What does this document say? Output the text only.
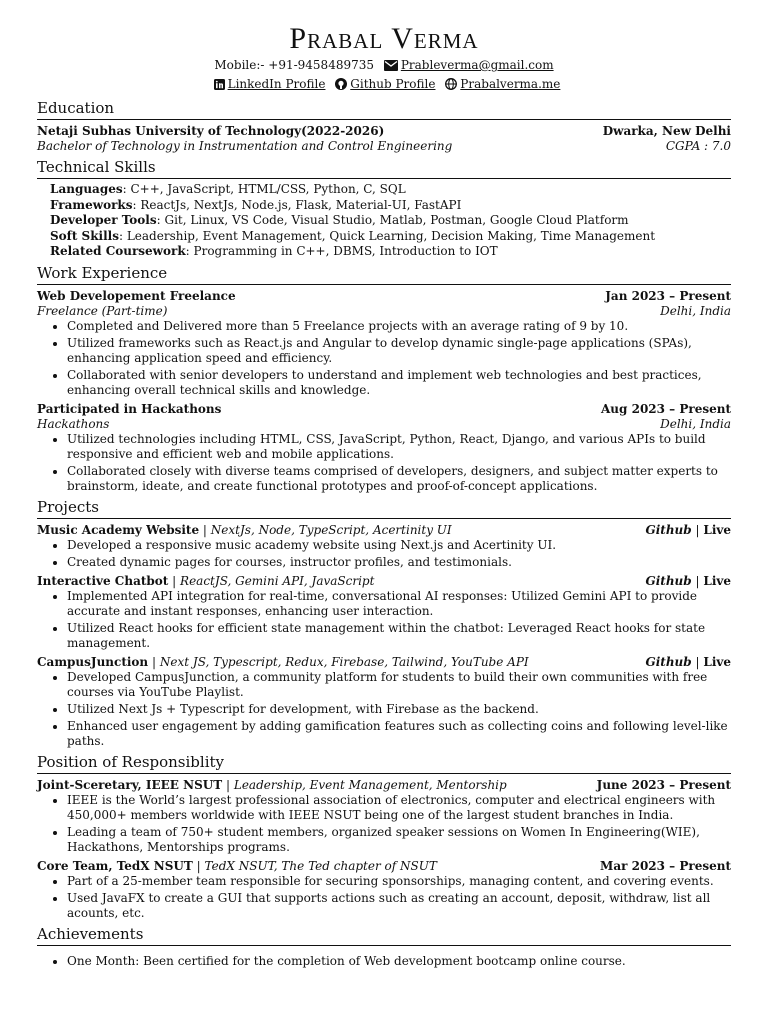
Prabal Verma
Mobile:- +91-9458489735 Prableverma@gmail.com
LinkedIn Profile Github Profile Prabalverma.me
Education
Netaji Subhas University of Technology(2022-2026)	Dwarka, New Delhi
Bachelor of Technology in Instrumentation and Control Engineering	CGPA : 7.0
Technical Skills
Languages: C++, JavaScript, HTML/CSS, Python, C, SQL
Frameworks: ReactJs, NextJs, Node.js, Flask, Material-UI, FastAPI
Developer Tools: Git, Linux, VS Code, Visual Studio, Matlab, Postman, Google Cloud Platform
Soft Skills: Leadership, Event Management, Quick Learning, Decision Making, Time Management
Related Coursework: Programming in C++, DBMS, Introduction to IOT
Work Experience
Web Developement Freelance	Jan 2023 – Present
Freelance (Part-time)	Delhi, India
• Completed and Delivered more than 5 Freelance projects with an average rating of 9 by 10.
• Utilized frameworks such as React.js and Angular to develop dynamic single-page applications (SPAs), enhancing application speed and efficiency.
• Collaborated with senior developers to understand and implement web technologies and best practices, enhancing overall technical skills and knowledge.
Participated in Hackathons	Aug 2023 – Present
Hackathons	Delhi, India
• Utilized technologies including HTML, CSS, JavaScript, Python, React, Django, and various APIs to build responsive and efficient web and mobile applications.
• Collaborated closely with diverse teams comprised of developers, designers, and subject matter experts to brainstorm, ideate, and create functional prototypes and proof-of-concept applications.
Projects
Music Academy Website | NextJs, Node, TypeScript, Acertinity UI	Github | Live
• Developed a responsive music academy website using Next.js and Acertinity UI.
• Created dynamic pages for courses, instructor profiles, and testimonials.
Interactive Chatbot | ReactJS, Gemini API, JavaScript	Github | Live
• Implemented API integration for real-time, conversational AI responses: Utilized Gemini API to provide accurate and instant responses, enhancing user interaction.
• Utilized React hooks for efficient state management within the chatbot: Leveraged React hooks for state management.
CampusJunction | Next JS, Typescript, Redux, Firebase, Tailwind, YouTube API	Github | Live
• Developed CampusJunction, a community platform for students to build their own communities with free courses via YouTube Playlist.
• Utilized Next Js + Typescript for development, with Firebase as the backend.
• Enhanced user engagement by adding gamification features such as collecting coins and following level-like paths.
Position of Responsiblity
Joint-Sceretary, IEEE NSUT | Leadership, Event Management, Mentorship	June 2023 – Present
• IEEE is the World’s largest professional association of electronics, computer and electrical engineers with 450,000+ members worldwide with IEEE NSUT being one of the largest student branches in India.
• Leading a team of 750+ student members, organized speaker sessions on Women In Engineering(WIE), Hackathons, Mentorships programs.
Core Team, TedX NSUT | TedX NSUT, The Ted chapter of NSUT	Mar 2023 – Present
• Part of a 25-member team responsible for securing sponsorships, managing content, and covering events.
• Used JavaFX to create a GUI that supports actions such as creating an account, deposit, withdraw, list all acounts, etc.
Achievements
• One Month: Been certified for the completion of Web development bootcamp online course.
